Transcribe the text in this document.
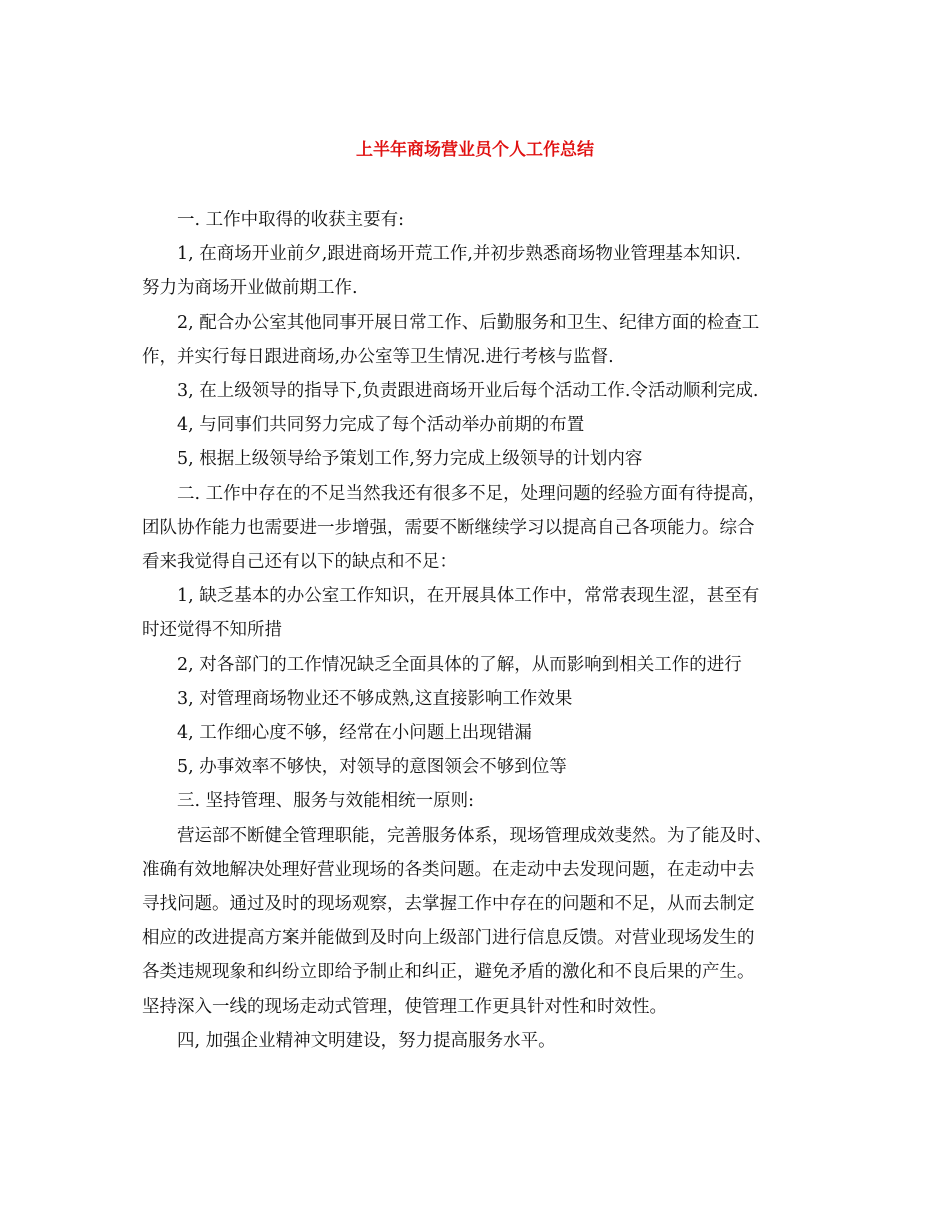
上半年商场营业员个人工作总结

一. 工作中取得的收获主要有:

1, 在商场开业前夕,跟进商场开荒工作,并初步熟悉商场物业管理基本知识.

努力为商场开业做前期工作.

2, 配合办公室其他同事开展日常工作、后勤服务和卫生、纪律方面的检查工

作，并实行每日跟进商场,办公室等卫生情况.进行考核与监督.

3, 在上级领导的指导下,负责跟进商场开业后每个活动工作.令活动顺利完成.

4, 与同事们共同努力完成了每个活动举办前期的布置

5, 根据上级领导给予策划工作,努力完成上级领导的计划内容

二. 工作中存在的不足当然我还有很多不足，处理问题的经验方面有待提高，

团队协作能力也需要进一步增强，需要不断继续学习以提高自己各项能力。综合

看来我觉得自己还有以下的缺点和不足：

1, 缺乏基本的办公室工作知识，在开展具体工作中，常常表现生涩，甚至有

时还觉得不知所措

2, 对各部门的工作情况缺乏全面具体的了解，从而影响到相关工作的进行

3, 对管理商场物业还不够成熟,这直接影响工作效果

4, 工作细心度不够，经常在小问题上出现错漏

5, 办事效率不够快，对领导的意图领会不够到位等

三. 坚持管理、服务与效能相统一原则:

营运部不断健全管理职能，完善服务体系，现场管理成效斐然。为了能及时、

准确有效地解决处理好营业现场的各类问题。在走动中去发现问题，在走动中去

寻找问题。通过及时的现场观察，去掌握工作中存在的问题和不足，从而去制定

相应的改进提高方案并能做到及时向上级部门进行信息反馈。对营业现场发生的

各类违规现象和纠纷立即给予制止和纠正，避免矛盾的激化和不良后果的产生。

坚持深入一线的现场走动式管理，使管理工作更具针对性和时效性。

四, 加强企业精神文明建设，努力提高服务水平。
